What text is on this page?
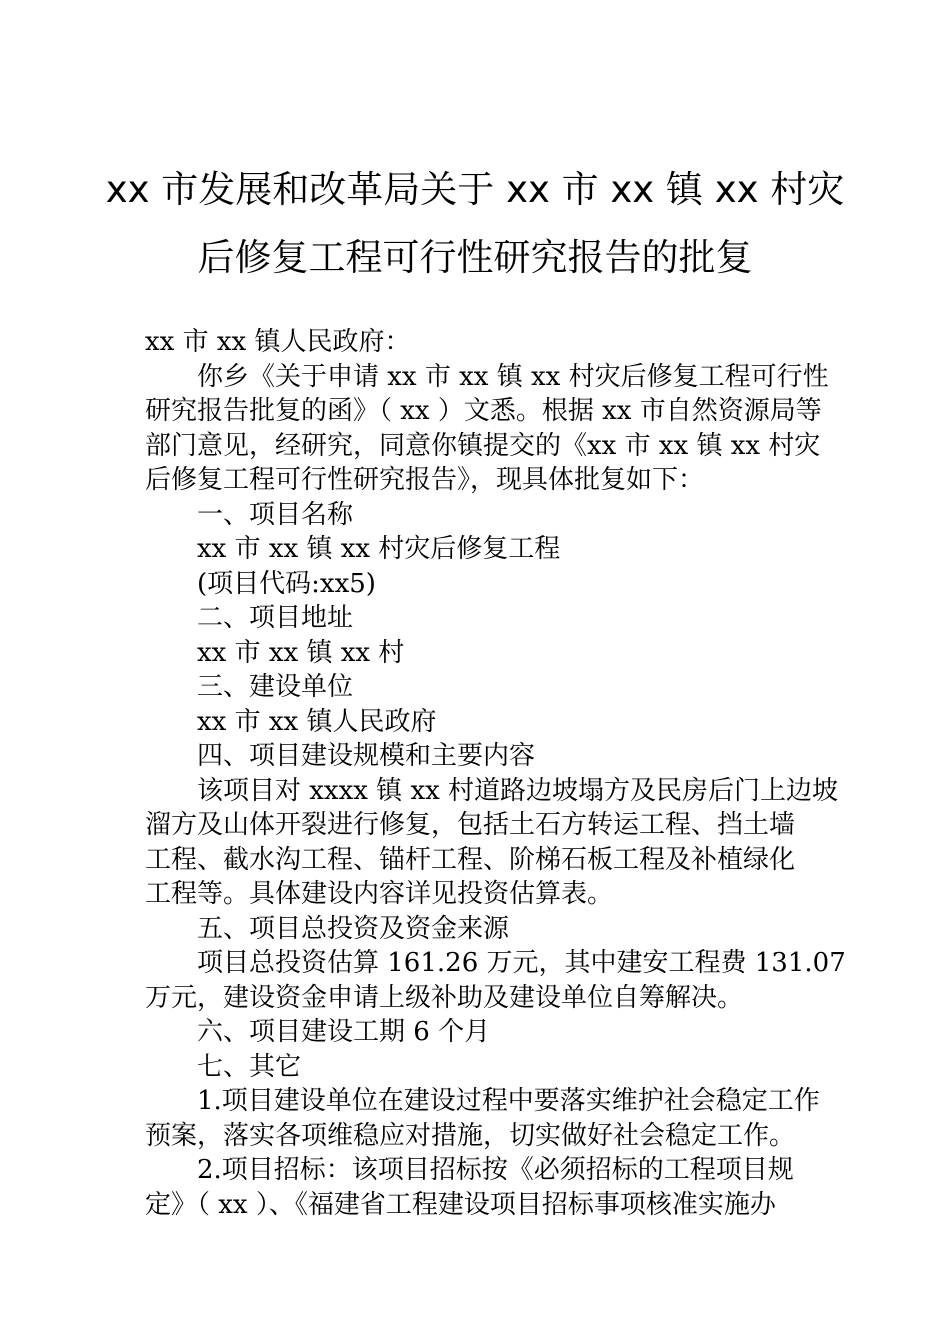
xx 市发展和改革局关于 xx 市 xx 镇 xx 村灾
后修复工程可行性研究报告的批复
xx 市 xx 镇人民政府：
你乡《关于申请 xx 市 xx 镇 xx 村灾后修复工程可行性
研究报告批复的函》（ xx ）文悉。根据 xx 市自然资源局等
部门意见，经研究，同意你镇提交的《xx 市 xx 镇 xx 村灾
后修复工程可行性研究报告》，现具体批复如下：
一、项目名称
xx 市 xx 镇 xx 村灾后修复工程
(项目代码:xx5)
二、项目地址
xx 市 xx 镇 xx 村
三、建设单位
xx 市 xx 镇人民政府
四、项目建设规模和主要内容
该项目对 xxxx 镇 xx 村道路边坡塌方及民房后门上边坡
溜方及山体开裂进行修复，包括土石方转运工程、挡土墙
工程、截水沟工程、锚杆工程、阶梯石板工程及补植绿化
工程等。具体建设内容详见投资估算表。
五、项目总投资及资金来源
项目总投资估算 161.26 万元，其中建安工程费 131.07
万元，建设资金申请上级补助及建设单位自筹解决。
六、项目建设工期 6 个月
七、其它
1.项目建设单位在建设过程中要落实维护社会稳定工作
预案，落实各项维稳应对措施，切实做好社会稳定工作。
2.项目招标：该项目招标按《必须招标的工程项目规
定》（ xx ）、《福建省工程建设项目招标事项核准实施办
